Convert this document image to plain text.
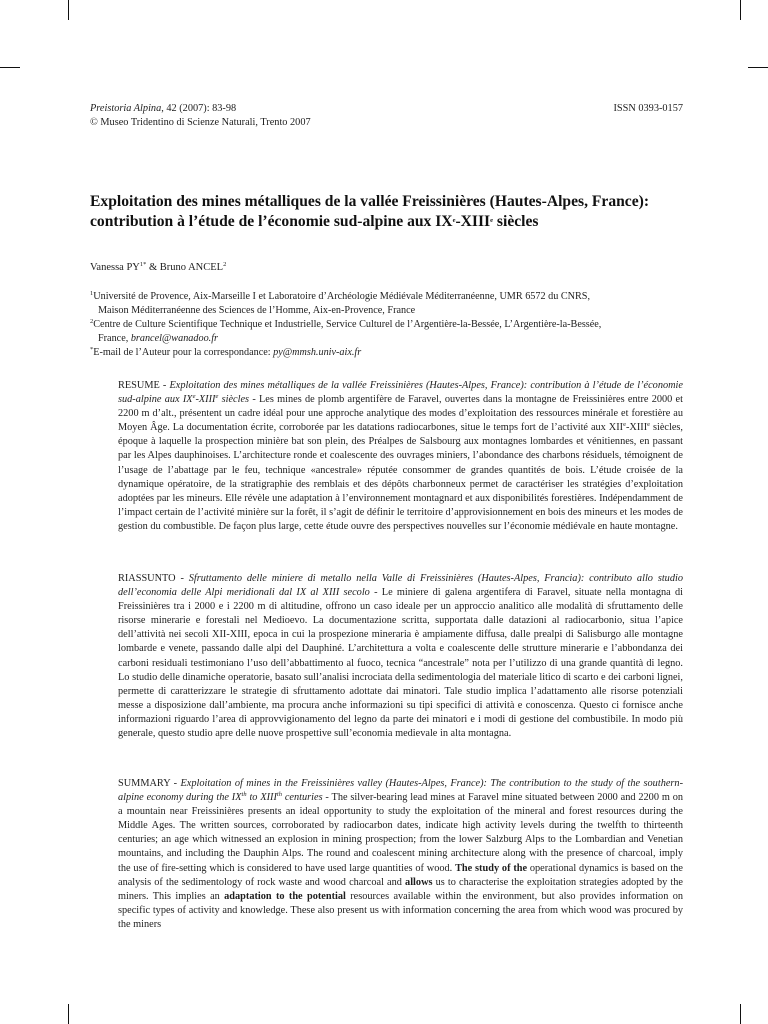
Preistoria Alpina, 42 (2007): 83-98
© Museo Tridentino di Scienze Naturali, Trento 2007
ISSN 0393-0157
Exploitation des mines métalliques de la vallée Freissinières (Hautes-Alpes, France):
contribution à l’étude de l’économie sud-alpine aux IXe-XIIIe siècles
Vanessa $PY^{1*}$ & Bruno ANCEL$^2$

$^1$Université de Provence, Aix-Marseille I et Laboratoire d’Archéologie Médiévale Méditerranéenne, UMR 6572 du CNRS,

Maison Méditerranéenne des Sciences de l’Homme, Aix-en-Provence, France

$^2$Centre de Culture Scientifique Technique et Industrielle, Service Culturel de l’Argentière-la-Bessée, L’Argentière-la-Bessée,

France, brancel@wanadoo.fr

*E-mail de l’Auteur pour la correspondance: py@mmsh.univ-aix.fr

RESUME - Exploitation des mines métalliques de la vallée Freissinières (Hautes-Alpes, France): contribution à l’étude de l’économie sud-alpine aux IXe-XIIIe siècles - Les mines de plomb argentifère de Faravel, ouvertes dans la montagne de Freissinières entre 2000 et 2200 m d’alt., présentent un cadre idéal pour une approche analytique des modes d’exploitation des ressources minérale et forestière au Moyen Âge. La documentation écrite, corroborée par les datations radiocarbones, situe le temps fort de l’activité aux XIIe-XIIIe siècles, époque à laquelle la prospection minière bat son plein, des Préalpes de Salsbourg aux montagnes lombardes et vénitiennes, en passant par les Alpes dauphinoises. L’architecture ronde et coalescente des ouvrages miniers, l’abondance des charbons résiduels, témoignent de l’usage de l’abattage par le feu, technique «ancestrale» réputée consommer de grandes quantités de bois. L’étude croisée de la dynamique opératoire, de la stratigraphie des remblais et des dépôts charbonneux permet de caractériser les stratégies d’exploitation adoptées par les mineurs. Elle révèle une adaptation à l’environnement montagnard et aux disponibilités forestières. Indépendamment de l’impact certain de l’activité minière sur la forêt, il s’agit de définir le territoire d’approvisionnement en bois des mineurs et les modes de gestion du combustible. De façon plus large, cette étude ouvre des perspectives nouvelles sur l’économie médiévale en haute montagne.

RIASSUNTO - Sfruttamento delle miniere di metallo nella Valle di Freissinières (Hautes-Alpes, Francia): contributo allo studio dell’economia delle Alpi meridionali dal IX al XIII secolo - Le miniere di galena argentifera di Faravel, situate nella montagna di Freissinières tra i 2000 e i 2200 m di altitudine, offrono un caso ideale per un approccio analitico alle modalità di sfruttamento delle risorse minerarie e forestali nel Medioevo. La documentazione scritta, supportata dalle datazioni al radiocarbonio, situa l’apice dell’attività nei secoli XII-XIII, epoca in cui la prospezione mineraria è ampiamente diffusa, dalle prealpi di Salisburgo alle montagne lombarde e venete, passando dalle alpi del Dauphiné. L’architettura a volta e coalescente delle strutture minerarie e l’abbondanza dei carboni residuali testimoniano l’uso dell’abbattimento al fuoco, tecnica “ancestrale” nota per l’utilizzo di una grande quantità di legno. Lo studio delle dinamiche operatorie, basato sull’analisi incrociata della sedimentologia del materiale litico di scarto e dei carboni lignei, permette di caratterizzare le strategie di sfruttamento adottate dai minatori. Tale studio implica l’adattamento alle risorse potenziali messe a disposizione dall’ambiente, ma procura anche informazioni su tipi specifici di attività e conoscenza. Questo ci fornisce anche informazioni riguardo l’area di approvvigionamento del legno da parte dei minatori e i modi di gestione del combustibile. In modo più generale, questo studio apre delle nuove prospettive sull’economia medievale in alta montagna.

SUMMARY - Exploitation of mines in the Freissinières valley (Hautes-Alpes, France): The contribution to the study of the southern-alpine economy during the IXth to XIIIth centuries - The silver-bearing lead mines at Faravel mine situated between 2000 and 2200 m on a mountain near Freissinières presents an ideal opportunity to study the exploitation of the mineral and forest resources during the Middle Ages. The written sources, corroborated by radiocarbon dates, indicate high activity levels during the twelfth to thirteenth centuries; an age which witnessed an explosion in mining prospection; from the lower Salzburg Alps to the Lombardian and Venetian mountains, and including the Dauphin Alps. The round and coalescent mining architecture along with the presence of charcoal, imply the use of fire-setting which is considered to have used large quantities of wood. The study of the operational dynamics is based on the analysis of the sedimentology of rock waste and wood charcoal and allows us to characterise the exploitation strategies adopted by the miners. This implies an adaptation to the potential resources available within the environment, but also provides information on specific types of activity and knowledge. These also present us with information concerning the area from which wood was procured by the miners
